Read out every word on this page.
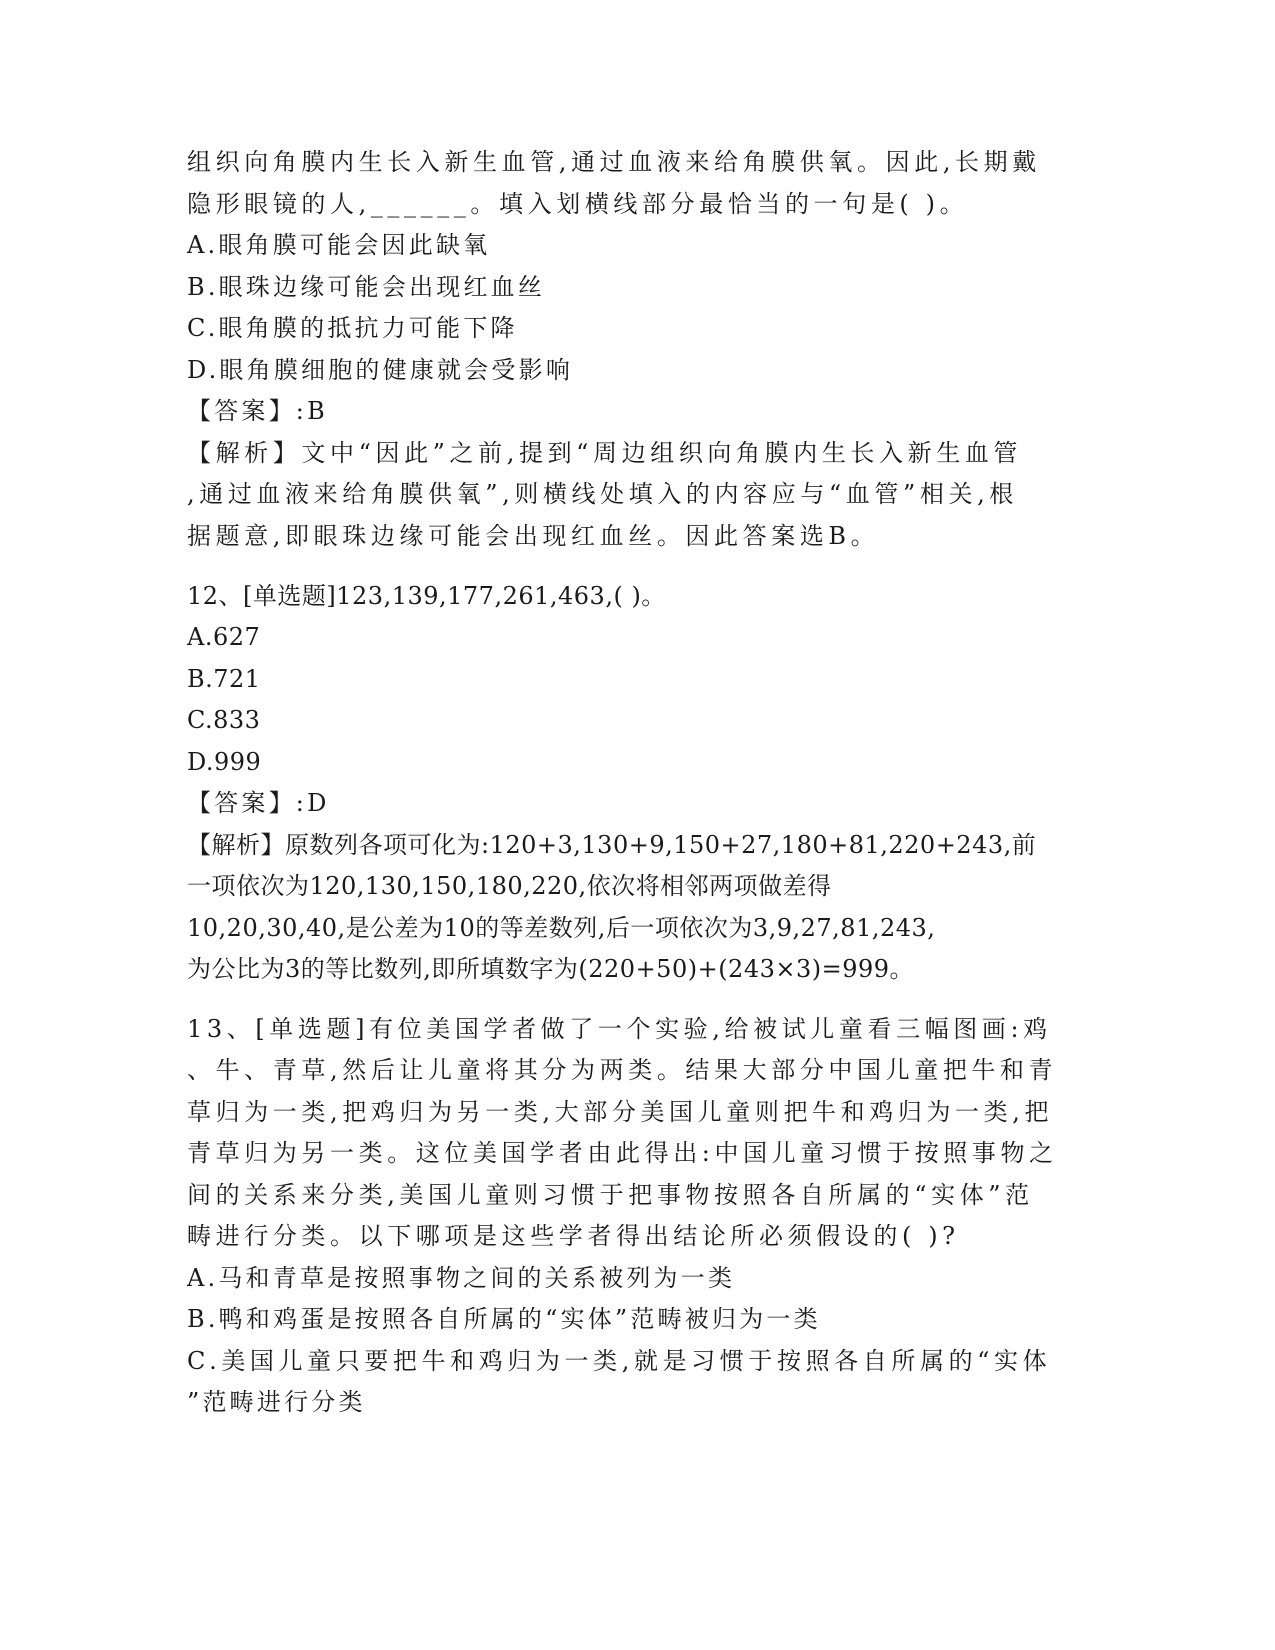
组织向角膜内生长入新生血管,通过血液来给角膜供氧。因此,长期戴
隐形眼镜的人,______。填入划横线部分最恰当的一句是( )。
A.眼角膜可能会因此缺氧
B.眼珠边缘可能会出现红血丝
C.眼角膜的抵抗力可能下降
D.眼角膜细胞的健康就会受影响
【答案】:B
【解析】文中“因此”之前,提到“周边组织向角膜内生长入新生血管
,通过血液来给角膜供氧”,则横线处填入的内容应与“血管”相关,根
据题意,即眼珠边缘可能会出现红血丝。因此答案选B。
12、[单选题]123,139,177,261,463,( )。
A.627
B.721
C.833
D.999
【答案】:D
【解析】原数列各项可化为:120+3,130+9,150+27,180+81,220+243,前
一项依次为120,130,150,180,220,依次将相邻两项做差得
10,20,30,40,是公差为10的等差数列,后一项依次为3,9,27,81,243,
为公比为3的等比数列,即所填数字为(220+50)+(243×3)=999。
13、[单选题]有位美国学者做了一个实验,给被试儿童看三幅图画:鸡
、牛、青草,然后让儿童将其分为两类。结果大部分中国儿童把牛和青
草归为一类,把鸡归为另一类,大部分美国儿童则把牛和鸡归为一类,把
青草归为另一类。这位美国学者由此得出:中国儿童习惯于按照事物之
间的关系来分类,美国儿童则习惯于把事物按照各自所属的“实体”范
畴进行分类。以下哪项是这些学者得出结论所必须假设的( )?
A.马和青草是按照事物之间的关系被列为一类
B.鸭和鸡蛋是按照各自所属的“实体”范畴被归为一类
C.美国儿童只要把牛和鸡归为一类,就是习惯于按照各自所属的“实体
”范畴进行分类
